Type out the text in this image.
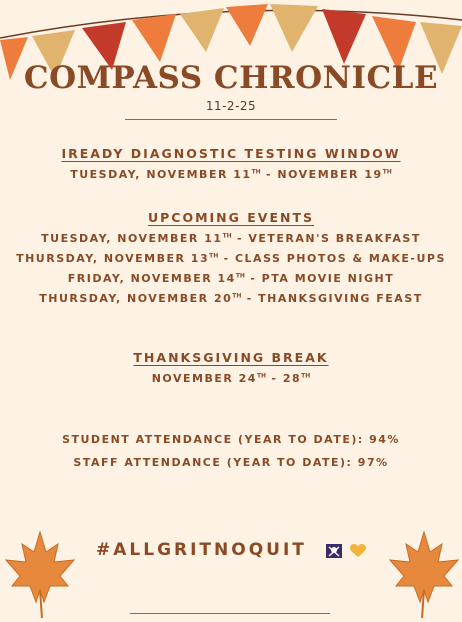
COMPASS CHRONICLE
11-2-25
IREADY DIAGNOSTIC TESTING WINDOW
TUESDAY, NOVEMBER 11TH - NOVEMBER 19TH
UPCOMING EVENTS
TUESDAY, NOVEMBER 11TH - VETERAN'S BREAKFAST
THURSDAY, NOVEMBER 13TH - CLASS PHOTOS & MAKE-UPS
FRIDAY, NOVEMBER 14TH - PTA MOVIE NIGHT
THURSDAY, NOVEMBER 20TH - THANKSGIVING FEAST
THANKSGIVING BREAK
NOVEMBER 24TH - 28TH
STUDENT ATTENDANCE (YEAR TO DATE): 94%
STAFF ATTENDANCE (YEAR TO DATE): 97%
#ALLGRITNOQUIT
